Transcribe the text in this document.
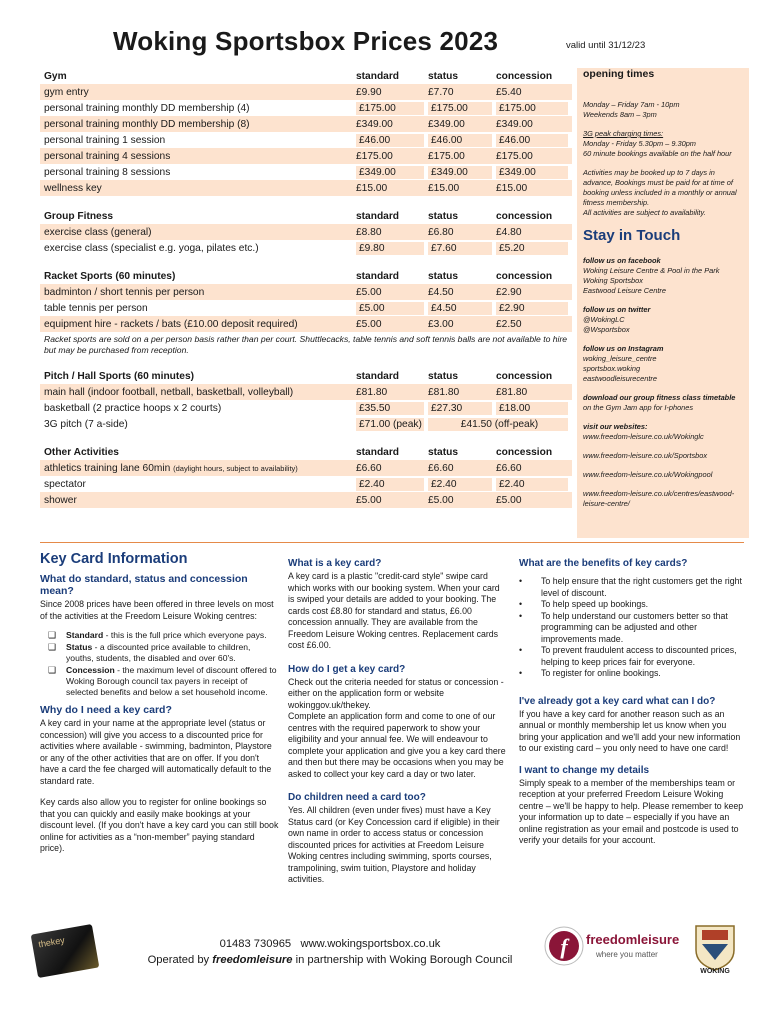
Woking Sportsbox Prices 2023	valid until 31/12/23
Gym	standard	status	concession
gym entry	£9.90	£7.70	£5.40
personal training monthly DD membership (4)	£175.00	£175.00	£175.00
personal training monthly DD membership (8)	£349.00	£349.00	£349.00
personal training 1 session	£46.00	£46.00	£46.00
personal training 4 sessions	£175.00	£175.00	£175.00
personal training 8 sessions	£349.00	£349.00	£349.00
wellness key	£15.00	£15.00	£15.00
Group Fitness	standard	status	concession
exercise class (general)	£8.80	£6.80	£4.80
exercise class (specialist e.g. yoga, pilates etc.)	£9.80	£7.60	£5.20
Racket Sports (60 minutes)	standard	status	concession
badminton / short tennis per person	£5.00	£4.50	£2.90
table tennis per person	£5.00	£4.50	£2.90
equipment hire - rackets / bats (£10.00 deposit required)	£5.00	£3.00	£2.50
Racket sports are sold on a per person basis rather than per court. Shuttlecacks, table tennis and soft tennis balls are not available to hire but may be purchased from reception.
Pitch / Hall Sports (60 minutes)	standard	status	concession
main hall (indoor football, netball, basketball, volleyball)	£81.80	£81.80	£81.80
basketball (2 practice hoops x 2 courts)	£35.50	£27.30	£18.00
3G pitch (7 a-side)	£71.00 (peak)	£41.50 (off-peak)
Other Activities	standard	status	concession
athletics training lane 60min (daylight hours, subject to availability)	£6.60	£6.60	£6.60
spectator	£2.40	£2.40	£2.40
shower	£5.00	£5.00	£5.00
opening times

Monday – Friday 7am - 10pm
Weekends 8am – 3pm

3G peak charging times:
Monday - Friday 5.30pm – 9.30pm
60 minute bookings available on the half hour

Activities may be booked up to 7 days in advance, Bookings must be paid for at time of booking unless included in a monthly or annual fitness membership.
All activities are subject to availability.

Stay in Touch

follow us on facebook
Woking Leisure Centre & Pool in the Park
Woking Sportsbox
Eastwood Leisure Centre

follow us on twitter
@WokingLC
@Wsportsbox

follow us on Instagram
woking_leisure_centre
sportsbox.woking
eastwoodleisurecentre

download our group fitness class timetable on the Gym Jam app for I-phones

visit our websites:
www.freedom-leisure.co.uk/Wokinglc

www.freedom-leisure.co.uk/Sportsbox

www.freedom-leisure.co.uk/Wokingpool

www.freedom-leisure.co.uk/centres/eastwood-leisure-centre/

Key Card Information
What do standard, status and concession mean?
Since 2008 prices have been offered in three levels on most of the activities at the Freedom Leisure Woking centres:
❑ Standard - this is the full price which everyone pays.
❑ Status - a discounted price available to children, youths, students, the disabled and over 60's.
❑ Concession - the maximum level of discount offered to Woking Borough council tax payers in receipt of selected benefits and below a set household income.
Why do I need a key card?
A key card in your name at the appropriate level (status or concession) will give you access to a discounted price for activities where available - swimming, badminton, Playstore or any of the other activities that are on offer. If you don't have a card the fee charged will automatically default to the standard rate.
Key cards also allow you to register for online bookings so that you can quickly and easily make bookings at your discount level. (If you don't have a key card you can still book online for activities as a “non-member” paying standard price).
What is a key card?
A key card is a plastic "credit-card style" swipe card which works with our booking system. When your card is swiped your details are added to your booking. The cards cost £8.80 for standard and status, £6.00 concession annually. They are available from the Freedom Leisure Woking centres. Replacement cards cost £6.00.
How do I get a key card?
Check out the criteria needed for status or concession - either on the application form or website wokinggov.uk/thekey.
Complete an application form and come to one of our centres with the required paperwork to show your eligibility and your annual fee. We will endeavour to complete your application and give you a key card there and then but there may be occasions when you may be asked to collect your key card a day or two later.
Do children need a card too?
Yes. All children (even under fives) must have a Key Status card (or Key Concession card if eligible) in their own name in order to access status or concession discounted prices for activities at Freedom Leisure Woking centres including swimming, sports courses, trampolining, swim tuition, Playstore and holiday activities.
What are the benefits of key cards?
• To help ensure that the right customers get the right level of discount.
• To help speed up bookings.
• To help understand our customers better so that programming can be adjusted and other improvements made.
• To prevent fraudulent access to discounted prices, helping to keep prices fair for everyone.
• To register for online bookings.
I've already got a key card what can I do?
If you have a key card for another reason such as an annual or monthly membership let us know when you bring your application and we'll add your new information to our existing card – you only need to have one card!
I want to change my details
Simply speak to a member of the memberships team or reception at your preferred Freedom Leisure Woking centre – we'll be happy to help. Please remember to keep your information up to date – especially if you have an online registration as your email and postcode is used to verify your details for your account.
thekey	01483 730965 www.wokingsportsbox.co.uk
Operated by freedomleisure in partnership with Woking Borough Council
f freedomleisure
where you matter
WOKING
